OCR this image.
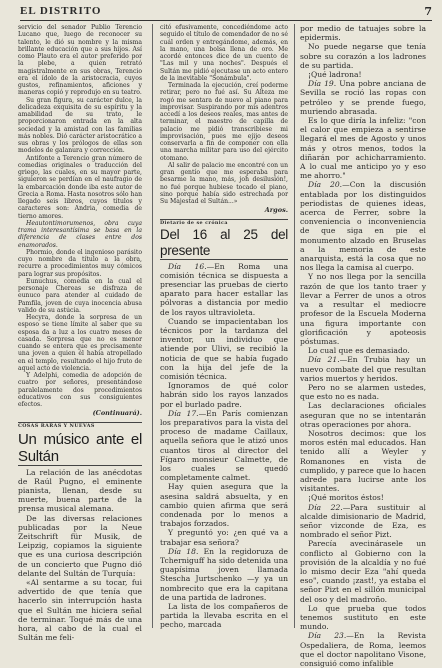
EL DISTRITO	7

servicio del senador Publio Terencio Lucano que, luego de reconocer su talento, le dió su nombre y la misma brillante educación que a sus hijos. Así como Plauto era el autor preferido por la plebe, a quien retrató magistralmente en sus obras, Terencio era el ídolo de la aristocracia, cuyos gustos, refinamientos, aficiones y maneras copió y reprodujo en su teatro.

Su gran figura, su carácter dulce, la delicadeza exquisita de su espíritu y la amabilidad de su trato, le proporcionaron entrada en la alta sociedad y la amistad con las familias más nobles. Dió carácter aristocrático a sus obras y los prólogos de ellas son modelos de galanura y corrección.

Antifonte a Terencio gran número de comedias originales o traducción del griego, las cuales, en su mayor parte, siguieron se perdían en el naufragio de la embarcación donde iba este autor de Grecia a Roma. Hasta nosotros sólo han llegado seis libros, cuyos títulos y caracteres son: Andria, comedia de tierno amores.

Heautontimorumenos, obra cuya trama interesantísima se basa en la diferencia de clases entre dos enamorados.

Phormio, donde el ingenioso parásito cuyo nombre da título a la obra, recurre a procedimientos muy cómicos para lograr sus propósitos.

Eunuchus, comedia en la cual el personaje Chereas se disfraza de eunuco para atender al cuidado de Pamfila, joven de cuya inocencia abusa valido de su astúcia.

Hecyra, donde la sorpresa de un esposo se tiene límite al saber que su esposa da a luz a los cuatro meses de casada. Sorpresa que no es menor cuando se entera que es precisamente una joven a quien él había atropellado en el templo, resultando el hijo fruto de aquel acto de violencia.

Y Adelphi, comedia de adopción de cuatro por señores, presentándose paralelamente dos procedimientos educativos con sus consiguientes efectos.

(Continuará).
COSAS RARAS Y NUEVAS
Un músico ante el Sultán

La relación de las anécdotas de Raúl Pugno, el eminente pianista, llenan, desde su muerte, buena parte de la prensa musical alemana.

De las diversas relaciones publicadas por la Neue Zeitschrift für Musik, de Leipzig, copiamos la siguiente que es una curiosa descripción de un concierto que Pugno dió delante del Sultán de Turquía:

«Al sentarme a su tocar, fui advertido de que tenía que hacerlo sin interrupción hasta que el Sultán me hiciera señal de terminar. Toqué más de una hora, al cabo de la cual el Sultán me feli-

citó efusivamente, concediéndome acto seguido el título de comendador de no sé cuál orden y entregándome, además, en la mano, una bolsa llena de oro. Me acordé entonces dice de un cuento de "Las mil y una noches". Después el Sultán me pidió ejecutase un acto entero de la inevitable "Sonámbula".

Terminada la ejecución, creí poderme retirar, pero no fué así. Su Alteza me rogó me sentara de nuevo al piano para improvisar. Suspirando por mis adentros accedí a los deseos reales, mas antes de terminar, el maestro de capilla de palacio me pidió transcribiese mi improvisación, pues me ejijo deseos conservarla a fin de componer con ella una marcha militar para uso del ejército otomano.

Al salir de palacio me encontré con un gran gentío que me esperaba para besarme la mano, más, joh desilusión!, no fué porque hubiese tocado el piano, sino porque había sido estrechada por Su Majestad el Sultán...»

Argos.
Dietario de se crónica
Del 16 al 25 del presente

Día 16.—En Roma una comisión técnica se dispuesta a presenciar las pruebas de cierto aparato para hacer estallar las pólvoras a distancia por medio de los rayos ultravioleta.

Cuando se impacientaban los técnicos por la tardanza del inventor, un individuo que atiende por Ulivi, se recibió la noticia de que se había fugado con la hija del jefe de la comisión técnica.

Ignoramos de qué color habrán sido los rayos lanzados por el burlado padre.

Día 17.—En París comienzan los preparativos para la vista del proceso de madame Caillaux, aquella señora que le atizó unos cuantos tiros al director del Fígaro monsieur Calmette, de los cuales se quedó completamente calmet.

Hay quien asegura que la asesina saldrá absuelta, y en cambio quien afirma que será condenada por lo menos a trabajos forzados.

Y preguntó yo: ¿en qué va a trabajar esa señora?

Día 18. En la regidoruza de Tcherniguff ha sido detenida una guapísima joven llamada Stescha Jurtschenko —y ya un nombrecito que era la capitana de una partida de ladrones.

La lista de los compañeros de partida la llevaba escrita en el pecho, marcada

por medio de tatuajes sobre la epidermis.

No puede negarse que tenía sobre su corazón a los ladrones de su partida.

¡Qué ladrona!

Día 19. Una pobre anciana de Sevilla se roció las ropas con petróleo y se prende fuego, muriendo abrasada.

Es lo que diría la infeliz: "con el calor que empieza a sentirse llegará el mes de Agosto y unos más y otros menos, todos la diñarán por achicharramiento. A lo cual me anticipo yo y eso me ahorro."

Día 20.—Con la discusión entablada por los distinguidos periodistas de quienes ideas, acerca de Ferrer, sobre la conveniencia o inconveniencia de que siga en pie el monumento alzado en Bruselas a la memoria de este anarquista, está la cosa que no nos llega la camisa al cuerpo.

Y no nos llega por la sencilla razón de que los tanto traer y llevar a Ferrer de unos a otros va a resultar el mediocre profesor de la Escuela Moderna una figura importante con glorificación y apoteosis póstumas.

Lo cual que es demasiado.

Día 21.—En Trubia hay un nuevo combate del que resultan varios muertos y heridos.

Pero no se alarmen ustedes, que esto no es nada.

Las declaraciones oficiales aseguran que no se intentarán otras operaciones por ahora.

Nosotros decimos: que los moros estén mal educados. Han tenido allí a Weyler y Romanones en vista de cumplido, y parece que lo hacen adrede para lucirse ante los visitantes.

¡Qué moritos éstos!

Día 22.—Para sustituir al alcalde dimisionario de Madrid, señor vizconde de Eza, es nombrado el señor Pizt.

Parecía avecinárasele un conflicto al Gobierno con la provisión de la alcaldía y no fué lo mismo decir Eza "ahí queda eso", cuando ¡zast!, ya estaba el señor Pizt en el sillón municipal del oso y del madroño.

Lo que prueba que todos tenemos sustituto en este mundo.

Día 23.—En la Revista Ospedaliera, de Roma, leemos que el doctor napolitano Visone, consiguió como infalible
